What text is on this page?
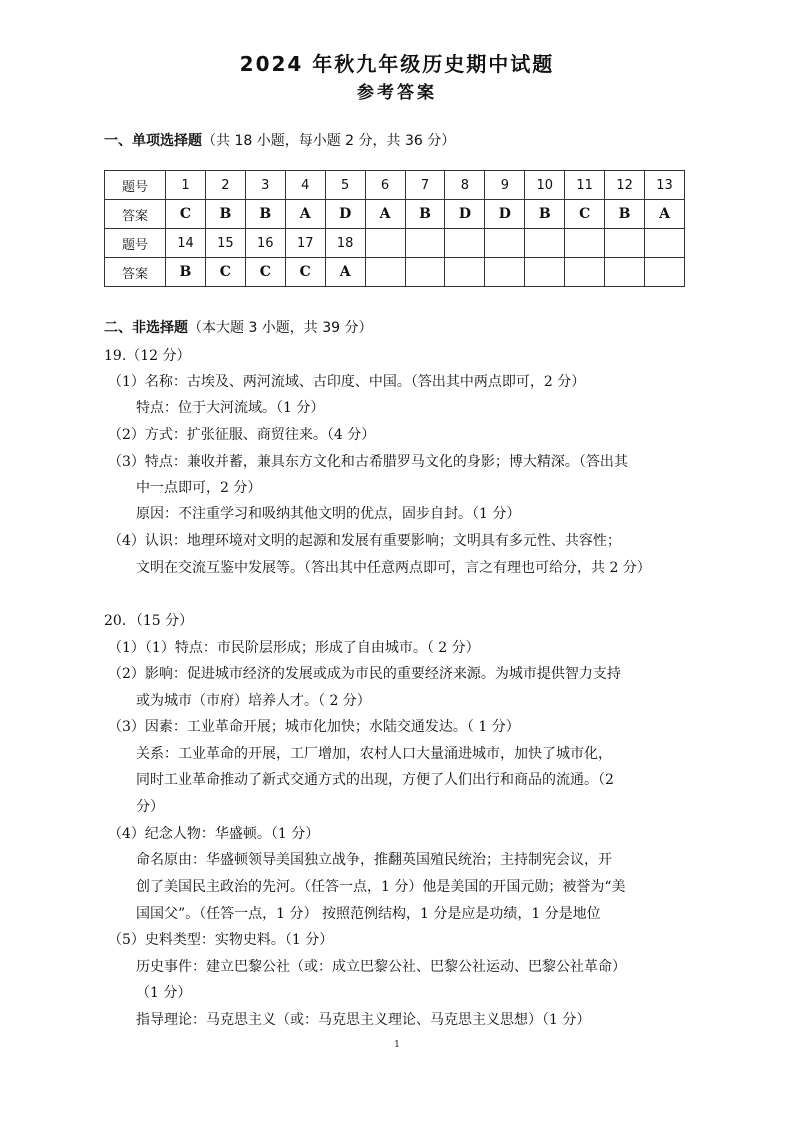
2024 年秋九年级历史期中试题
参考答案
一、单项选择题（共 18 小题，每小题 2 分，共 36 分）
题号	1	2	3	4	5	6	7	8	9	10	11	12	13
答案	C	B	B	A	D	A	B	D	D	B	C	B	A
题号	14	15	16	17	18								
答案	B	C	C	C	A								
二、非选择题（本大题 3 小题，共 39 分）
19.（12 分）
（1）名称：古埃及、两河流域、古印度、中国。（答出其中两点即可，2 分）
特点：位于大河流域。（1 分）
（2）方式：扩张征服、商贸往来。（4 分）
（3）特点：兼收并蓄，兼具东方文化和古希腊罗马文化的身影；博大精深。（答出其
中一点即可，2 分）
原因：不注重学习和吸纳其他文明的优点，固步自封。（1 分）
（4）认识：地理环境对文明的起源和发展有重要影响；文明具有多元性、共容性；
文明在交流互鉴中发展等。（答出其中任意两点即可，言之有理也可给分，共 2 分）
20．（15 分）
（1）（1）特点：市民阶层形成；形成了自由城市。（ 2 分）
（2）影响：促进城市经济的发展或成为市民的重要经济来源。为城市提供智力支持
或为城市（市府）培养人才。（ 2 分）
（3）因素：工业革命开展；城市化加快；水陆交通发达。（ 1 分）
关系：工业革命的开展，工厂增加，农村人口大量涌进城市，加快了城市化，
同时工业革命推动了新式交通方式的出现，方便了人们出行和商品的流通。（2
分）
（4）纪念人物：华盛顿。（1 分）
命名原由：华盛顿领导美国独立战争，推翻英国殖民统治；主持制宪会议，开
创了美国民主政治的先河。（任答一点，1 分）他是美国的开国元勋；被誉为“美
国国父”。（任答一点，1 分） 按照范例结构，1 分是应是功绩，1 分是地位
（5）史料类型：实物史料。（1 分）
历史事件：建立巴黎公社（或：成立巴黎公社、巴黎公社运动、巴黎公社革命）
（1 分）
指导理论：马克思主义（或：马克思主义理论、马克思主义思想）（1 分）
1
